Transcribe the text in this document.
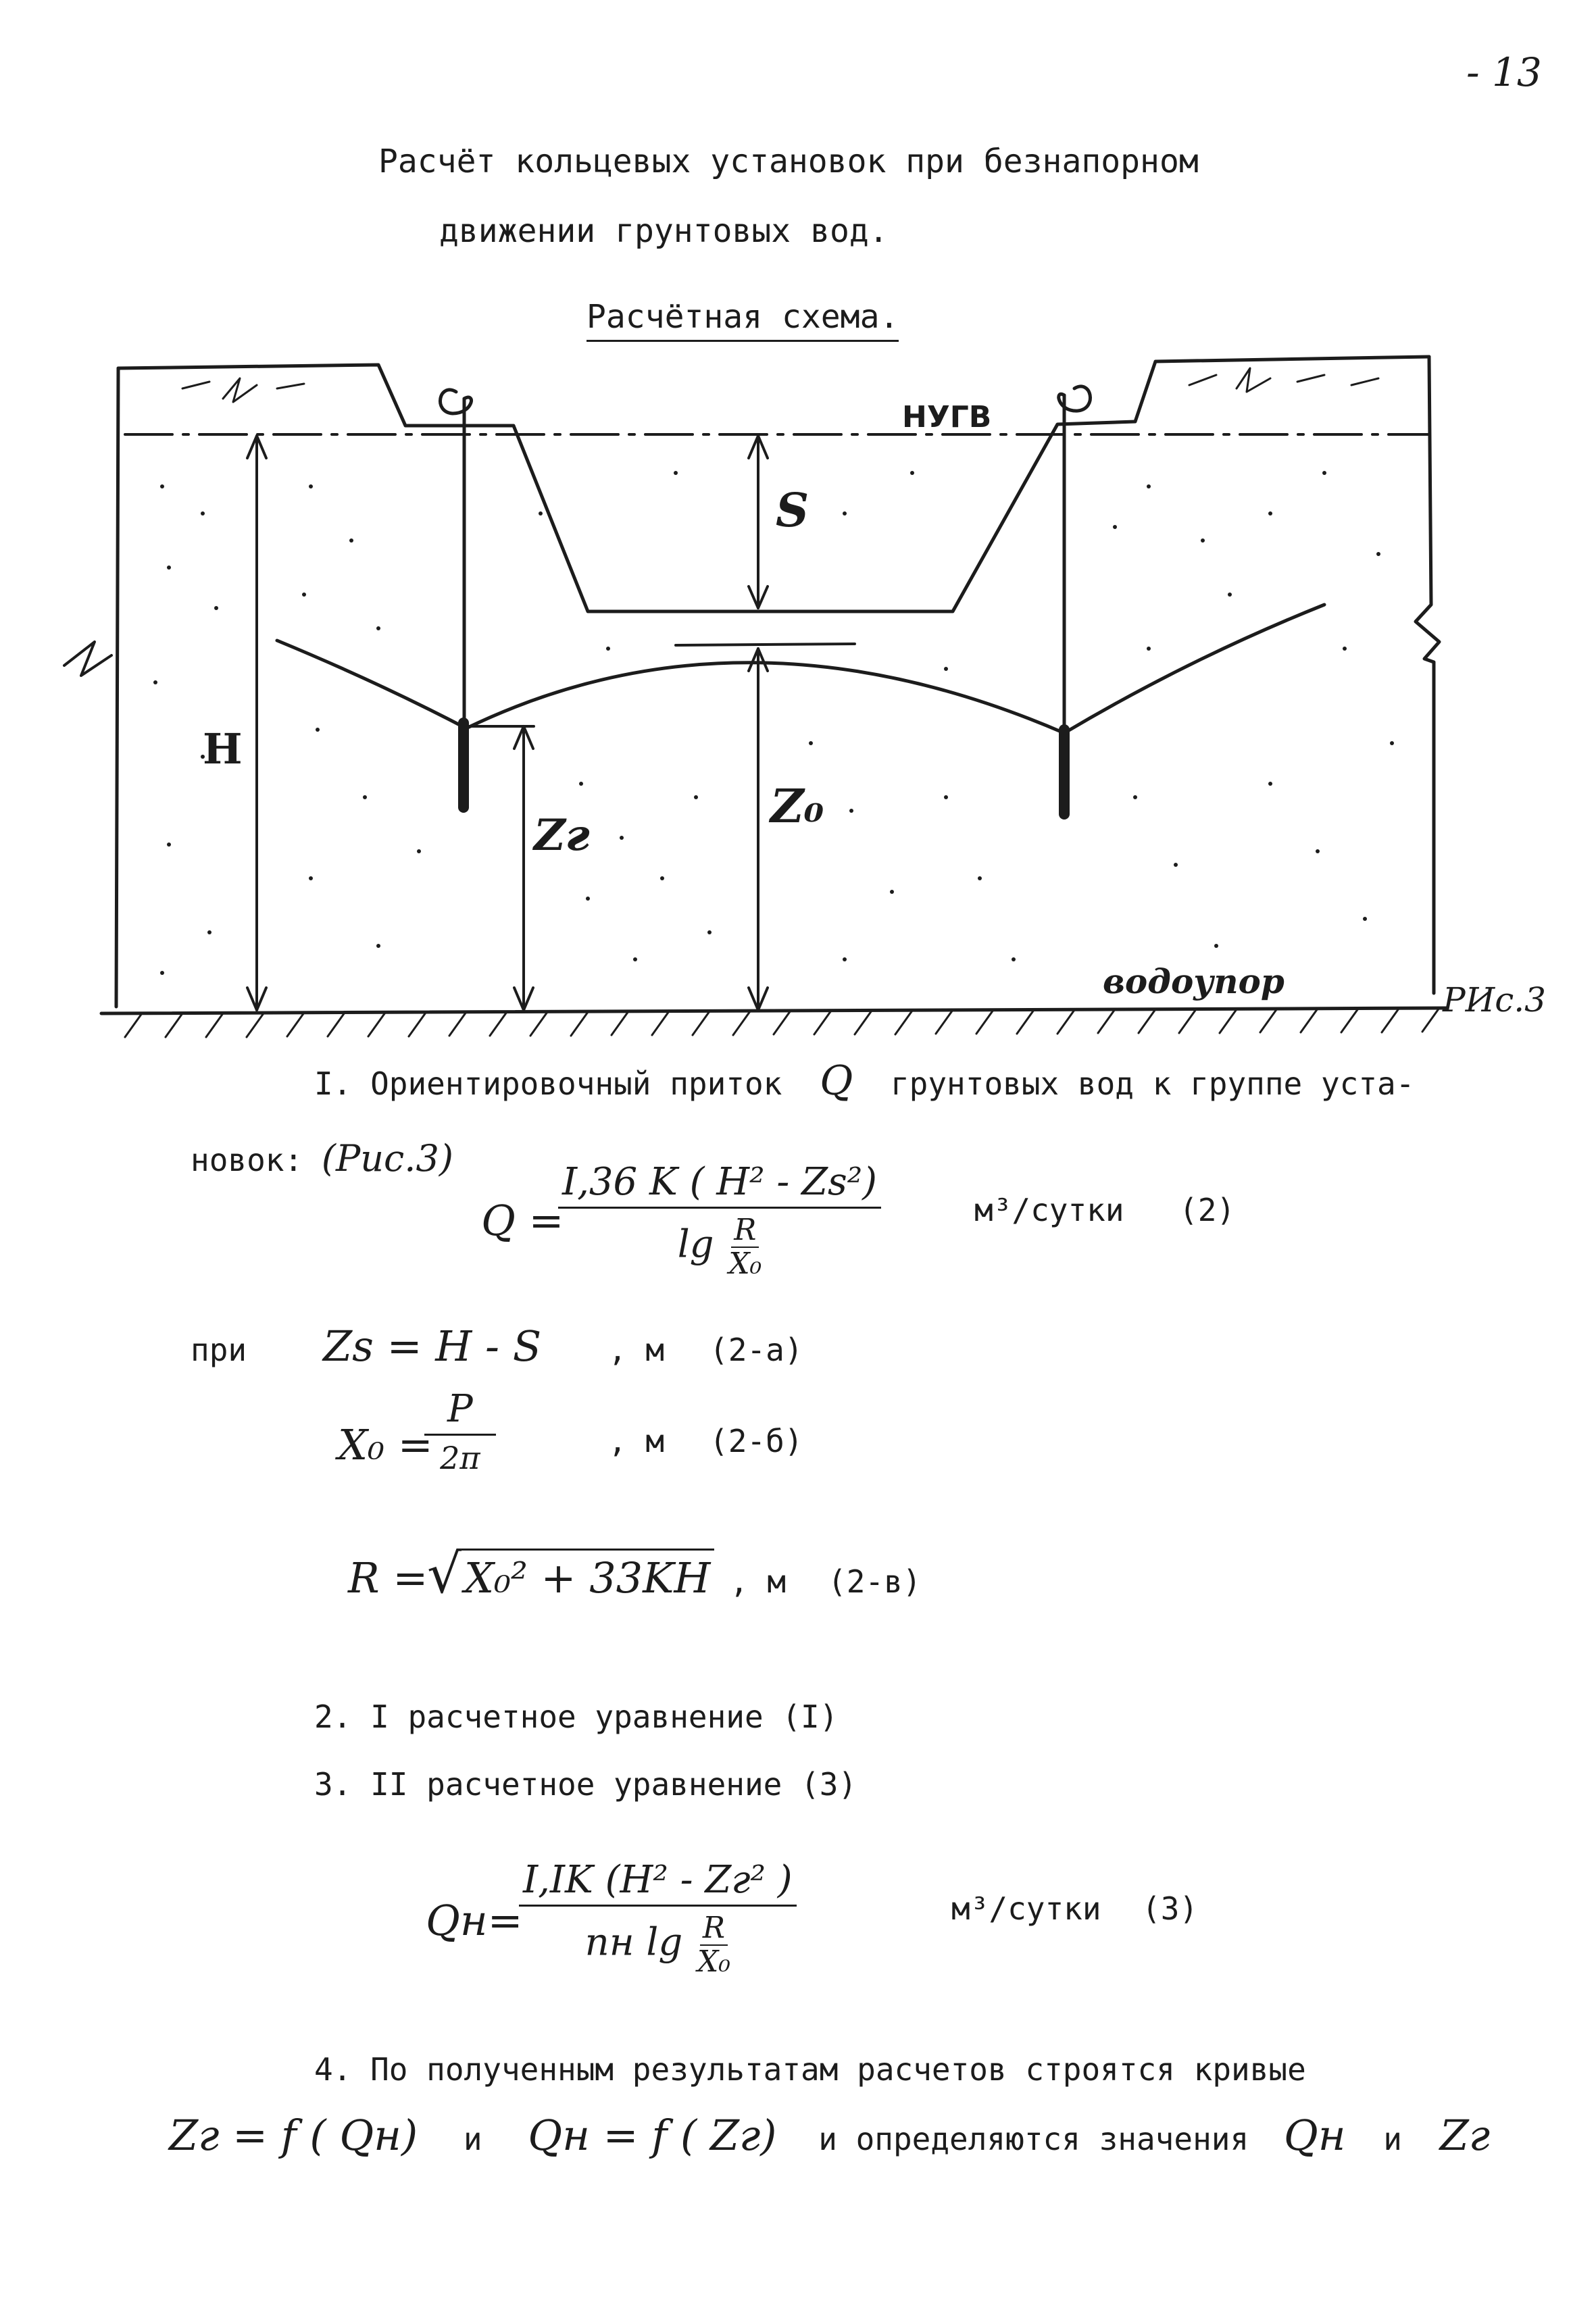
- 13
Расчёт кольцевых установок при безнапорном
движении грунтовых вод.
Расчётная схема.
НУГВ
S
H
Zг
Z₀
водоупор	РИс.3
I. Ориентировочный приток Q грунтовых вод к группе уста-
новок: (Рис.3)
Q =
$\frac{\text{I,36 K ( H² - Zs²)}}{\lg \frac{R}{\text{X₀}}}$	м³/сутки (2)
при Zs = H - S , м (2-а)
X₀ =
P
2π	, м (2-б)
R =
√X₀² + 33KH , м (2-в)
2. I расчетное уравнение (I)
3. II расчетное уравнение (3)
Qн=
I,IK (H² - Zг² )
nн $\lg \frac{R}{\text{X₀}}$
м³/сутки (3)
4. По полученным результатам расчетов строятся кривые
Zг = f ( Qн) и Qн = f ( Zг) и определяются значения Qн и Zг
